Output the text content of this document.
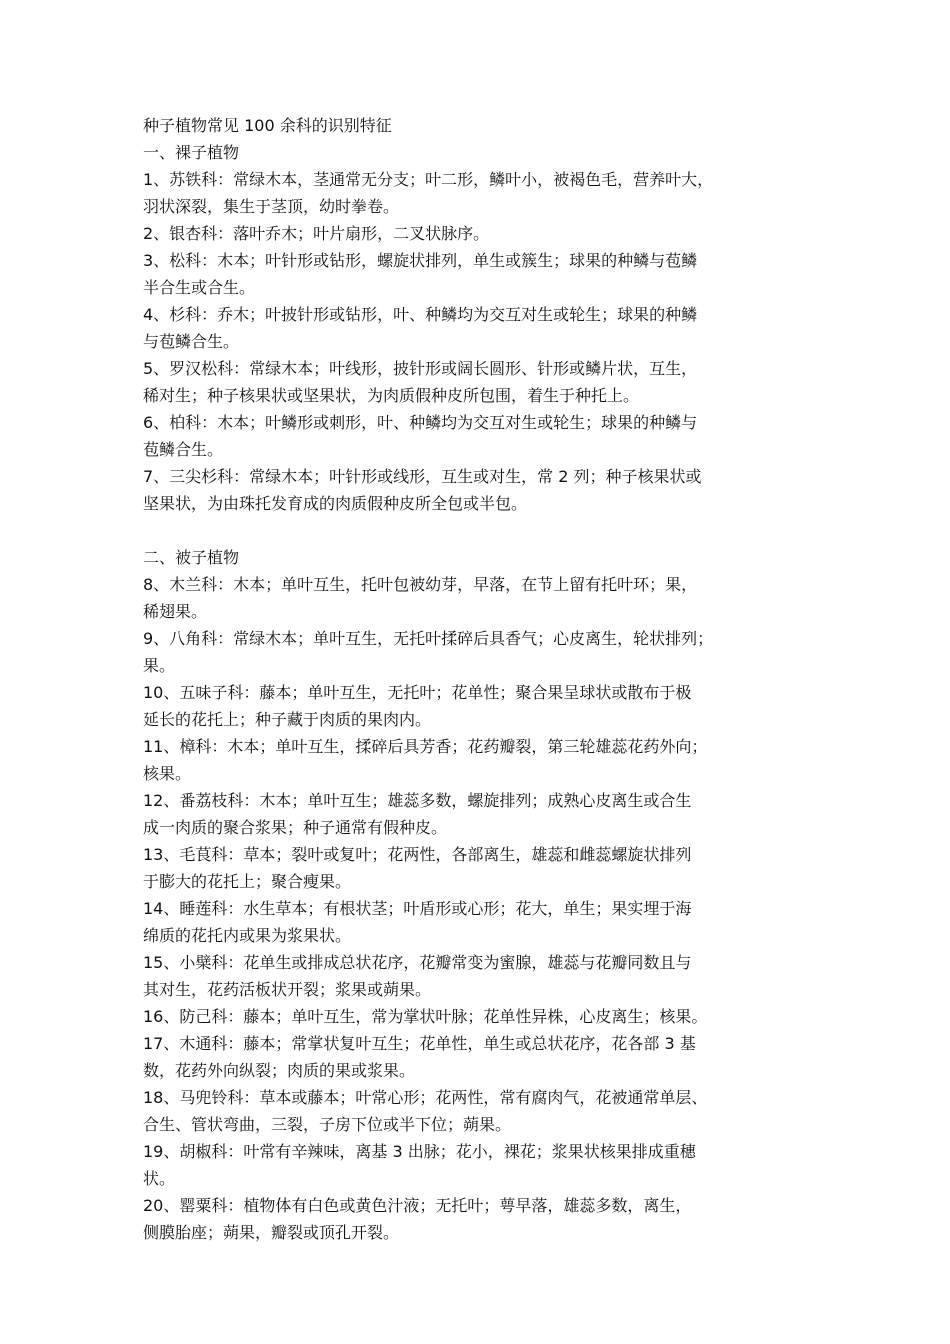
种子植物常见 100 余科的识别特征
一、裸子植物
1、苏铁科：常绿木本，茎通常无分支；叶二形，鳞叶小，被褐色毛，营养叶大，
羽状深裂，集生于茎顶，幼时拳卷。
2、银杏科：落叶乔木；叶片扇形，二叉状脉序。
3、松科：木本；叶针形或钻形，螺旋状排列，单生或簇生；球果的种鳞与苞鳞
半合生或合生。
4、杉科：乔木；叶披针形或钻形，叶、种鳞均为交互对生或轮生；球果的种鳞
与苞鳞合生。
5、罗汉松科：常绿木本；叶线形，披针形或阔长圆形、针形或鳞片状，互生，
稀对生；种子核果状或坚果状，为肉质假种皮所包围，着生于种托上。
6、柏科：木本；叶鳞形或刺形，叶、种鳞均为交互对生或轮生；球果的种鳞与
苞鳞合生。
7、三尖杉科：常绿木本；叶针形或线形，互生或对生，常 2 列；种子核果状或
坚果状，为由珠托发育成的肉质假种皮所全包或半包。
二、被子植物
8、木兰科：木本；单叶互生，托叶包被幼芽，早落，在节上留有托叶环；果，
稀翅果。
9、八角科：常绿木本；单叶互生，无托叶揉碎后具香气；心皮离生，轮状排列；
果。
10、五味子科：藤本；单叶互生，无托叶；花单性；聚合果呈球状或散布于极
延长的花托上；种子藏于肉质的果肉内。
11、樟科：木本；单叶互生，揉碎后具芳香；花药瓣裂，第三轮雄蕊花药外向；
核果。
12、番荔枝科：木本；单叶互生；雄蕊多数，螺旋排列；成熟心皮离生或合生
成一肉质的聚合浆果；种子通常有假种皮。
13、毛茛科：草本；裂叶或复叶；花两性，各部离生，雄蕊和雌蕊螺旋状排列
于膨大的花托上；聚合瘦果。
14、睡莲科：水生草本；有根状茎；叶盾形或心形；花大，单生；果实埋于海
绵质的花托内或果为浆果状。
15、小檗科：花单生或排成总状花序，花瓣常变为蜜腺，雄蕊与花瓣同数且与
其对生，花药活板状开裂；浆果或蒴果。
16、防己科：藤本；单叶互生，常为掌状叶脉；花单性异株，心皮离生；核果。
17、木通科：藤本；常掌状复叶互生；花单性，单生或总状花序，花各部 3 基
数，花药外向纵裂；肉质的果或浆果。
18、马兜铃科：草本或藤本；叶常心形；花两性，常有腐肉气，花被通常单层、
合生、管状弯曲，三裂，子房下位或半下位；蒴果。
19、胡椒科：叶常有辛辣味，离基 3 出脉；花小，裸花；浆果状核果排成重穗
状。
20、罂粟科：植物体有白色或黄色汁液；无托叶；萼早落，雄蕊多数，离生，
侧膜胎座；蒴果，瓣裂或顶孔开裂。
